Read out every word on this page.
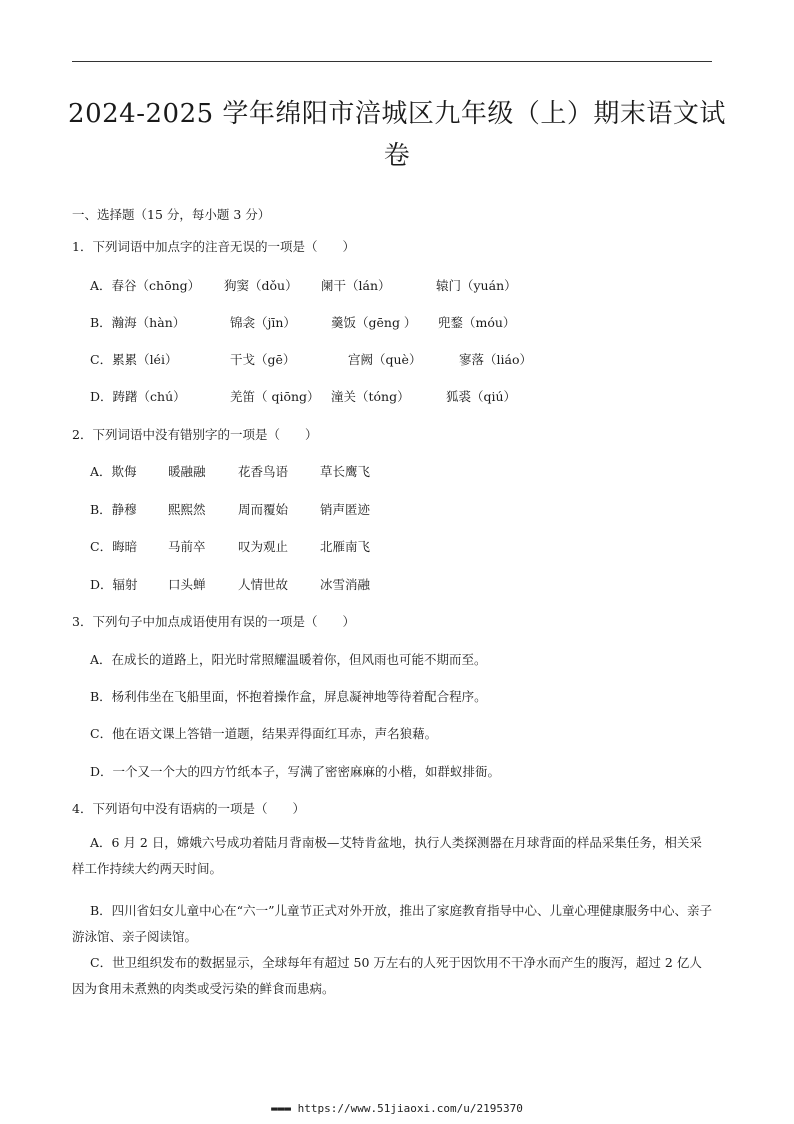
2024-2025 学年绵阳市涪城区九年级（上）期末语文试卷
一、选择题（15 分，每小题 3 分）
1．下列词语中加点字的注音无误的一项是（　　）
A．春谷（chōng） 狗窦（dǒu） 阑干（lán）	辕门（yuán）
B．瀚海（hàn）	锦衾（jīn）	羹饭（gēng ） 兜鍪（móu）
C．累累（léi）	干戈（gē）	宫阙（què）	寥落（liáo）
D．踌躇（chú）	羌笛（ qiōng） 潼关（tóng）	狐裘（qiú）
2．下列词语中没有错别字的一项是（　　）
A．欺侮	暖融融	花香鸟语	草长鹰飞
B．静穆	熙熙然	周而覆始	销声匿迹
C．晦暗 马前卒	叹为观止	北雁南飞
D．辐射 口头蝉	人情世故	冰雪消融
3．下列句子中加点成语使用有误的一项是（　　）
A．在成长的道路上，阳光时常照耀温暖着你，但风雨也可能不期而至。
B．杨利伟坐在飞船里面，怀抱着操作盒，屏息凝神地等待着配合程序。
C．他在语文课上答错一道题，结果弄得面红耳赤，声名狼藉。
D．一个又一个大的四方竹纸本子，写满了密密麻麻的小楷，如群蚁排衙。
4．下列语句中没有语病的一项是（　　）
A．6 月 2 日，嫦娥六号成功着陆月背南极—艾特肯盆地，执行人类探测器在月球背面的样品采集任务，相关采样工作持续大约两天时间。
B．四川省妇女儿童中心在“六一”儿童节正式对外开放，推出了家庭教育指导中心、儿童心理健康服务中心、亲子游泳馆、亲子阅读馆。
C．世卫组织发布的数据显示，全球每年有超过 50 万左右的人死于因饮用不干净水而产生的腹泻，超过 2 亿人因为食用未煮熟的肉类或受污染的鲜食而患病。
▬▬▬ https://www.51jiaoxi.com/u/2195370
